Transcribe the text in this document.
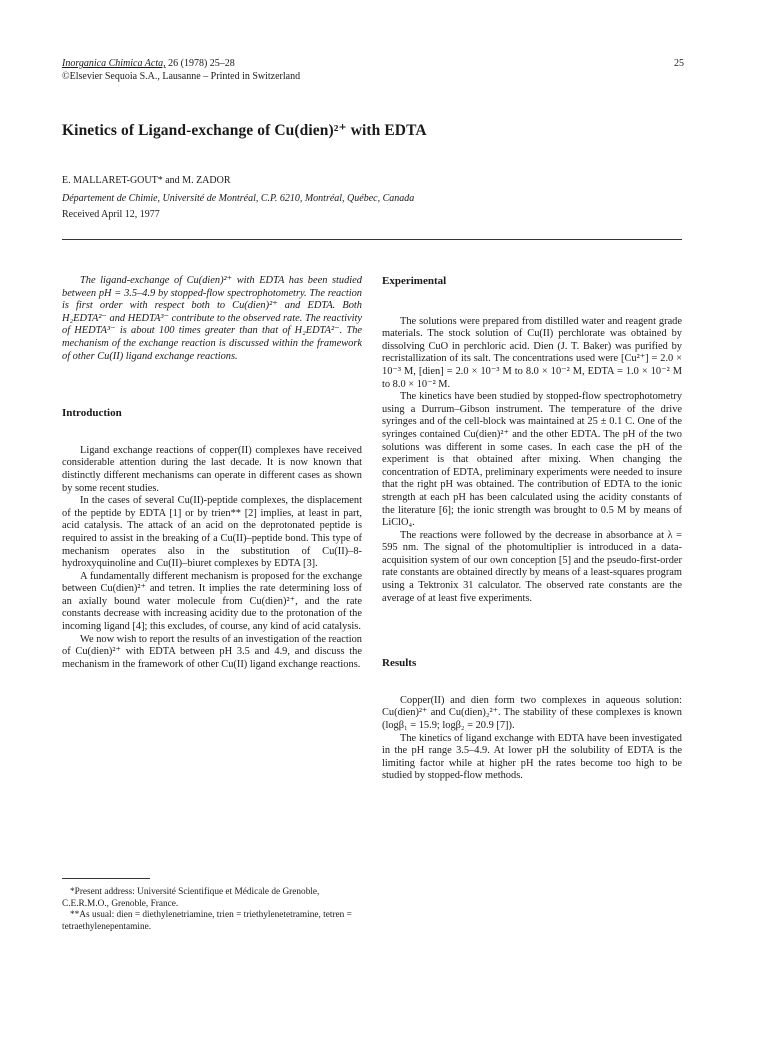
Inorganica Chimica Acta, 26 (1978) 25–28
©Elsevier Sequoia S.A., Lausanne – Printed in Switzerland
25
Kinetics of Ligand-exchange of Cu(dien)²⁺ with EDTA
E. MALLARET-GOUT* and M. ZADOR
Département de Chimie, Université de Montréal, C.P. 6210, Montréal, Québec, Canada
Received April 12, 1977

The ligand-exchange of Cu(dien)²⁺ with EDTA has been studied between pH = 3.5–4.9 by stopped-flow spectrophotometry. The reaction is first order with respect both to Cu(dien)²⁺ and EDTA. Both H₂EDTA²⁻ and HEDTA³⁻ contribute to the observed rate. The reactivity of HEDTA³⁻ is about 100 times greater than that of H₂EDTA²⁻. The mechanism of the exchange reaction is discussed within the framework of other Cu(II) ligand exchange reactions.

Introduction

Ligand exchange reactions of copper(II) complexes have received considerable attention during the last decade. It is now known that distinctly different mechanisms can operate in different cases as shown by some recent studies.

In the cases of several Cu(II)-peptide complexes, the displacement of the peptide by EDTA [1] or by trien** [2] implies, at least in part, acid catalysis. The attack of an acid on the deprotonated peptide is required to assist in the breaking of a Cu(II)–peptide bond. This type of mechanism operates also in the substitution of Cu(II)–8-hydroxyquinoline and Cu(II)–biuret complexes by EDTA [3].

A fundamentally different mechanism is proposed for the exchange between Cu(dien)²⁺ and tetren. It implies the rate determining loss of an axially bound water molecule from Cu(dien)²⁺, and the rate constants decrease with increasing acidity due to the protonation of the incoming ligand [4]; this excludes, of course, any kind of acid catalysis.

We now wish to report the results of an investigation of the reaction of Cu(dien)²⁺ with EDTA between pH 3.5 and 4.9, and discuss the mechanism in the framework of other Cu(II) ligand exchange reactions.

*Present address: Université Scientifique et Médicale de Grenoble, C.E.R.M.O., Grenoble, France.

**As usual: dien = diethylenetriamine, trien = triethylenetetramine, tetren = tetraethylenepentamine.

Experimental

The solutions were prepared from distilled water and reagent grade materials. The stock solution of Cu(II) perchlorate was obtained by dissolving CuO in perchloric acid. Dien (J. T. Baker) was purified by recristallization of its salt. The concentrations used were [Cu²⁺] = 2.0 × 10⁻³ M, [dien] = 2.0 × 10⁻³ M to 8.0 × 10⁻² M, EDTA = 1.0 × 10⁻² M to 8.0 × 10⁻² M.

The kinetics have been studied by stopped-flow spectrophotometry using a Durrum–Gibson instrument. The temperature of the drive syringes and of the cell-block was maintained at 25 ± 0.1 C. One of the syringes contained Cu(dien)²⁺ and the other EDTA. The pH of the two solutions was different in some cases. In each case the pH of the experiment is that obtained after mixing. When changing the concentration of EDTA, preliminary experiments were needed to insure that the right pH was obtained. The contribution of EDTA to the ionic strength at each pH has been calculated using the acidity constants of the literature [6]; the ionic strength was brought to 0.5 M by means of LiClO₄.

The reactions were followed by the decrease in absorbance at λ = 595 nm. The signal of the photomultiplier is introduced in a data-acquisition system of our own conception [5] and the pseudo-first-order rate constants are obtained directly by means of a least-squares program using a Tektronix 31 calculator. The observed rate constants are the average of at least five experiments.

Results

Copper(II) and dien form two complexes in aqueous solution: Cu(dien)²⁺ and Cu(dien)₂²⁺. The stability of these complexes is known (logβ₁ = 15.9; logβ₂ = 20.9 [7]).

The kinetics of ligand exchange with EDTA have been investigated in the pH range 3.5–4.9. At lower pH the solubility of EDTA is the limiting factor while at higher pH the rates become too high to be studied by stopped-flow methods.
